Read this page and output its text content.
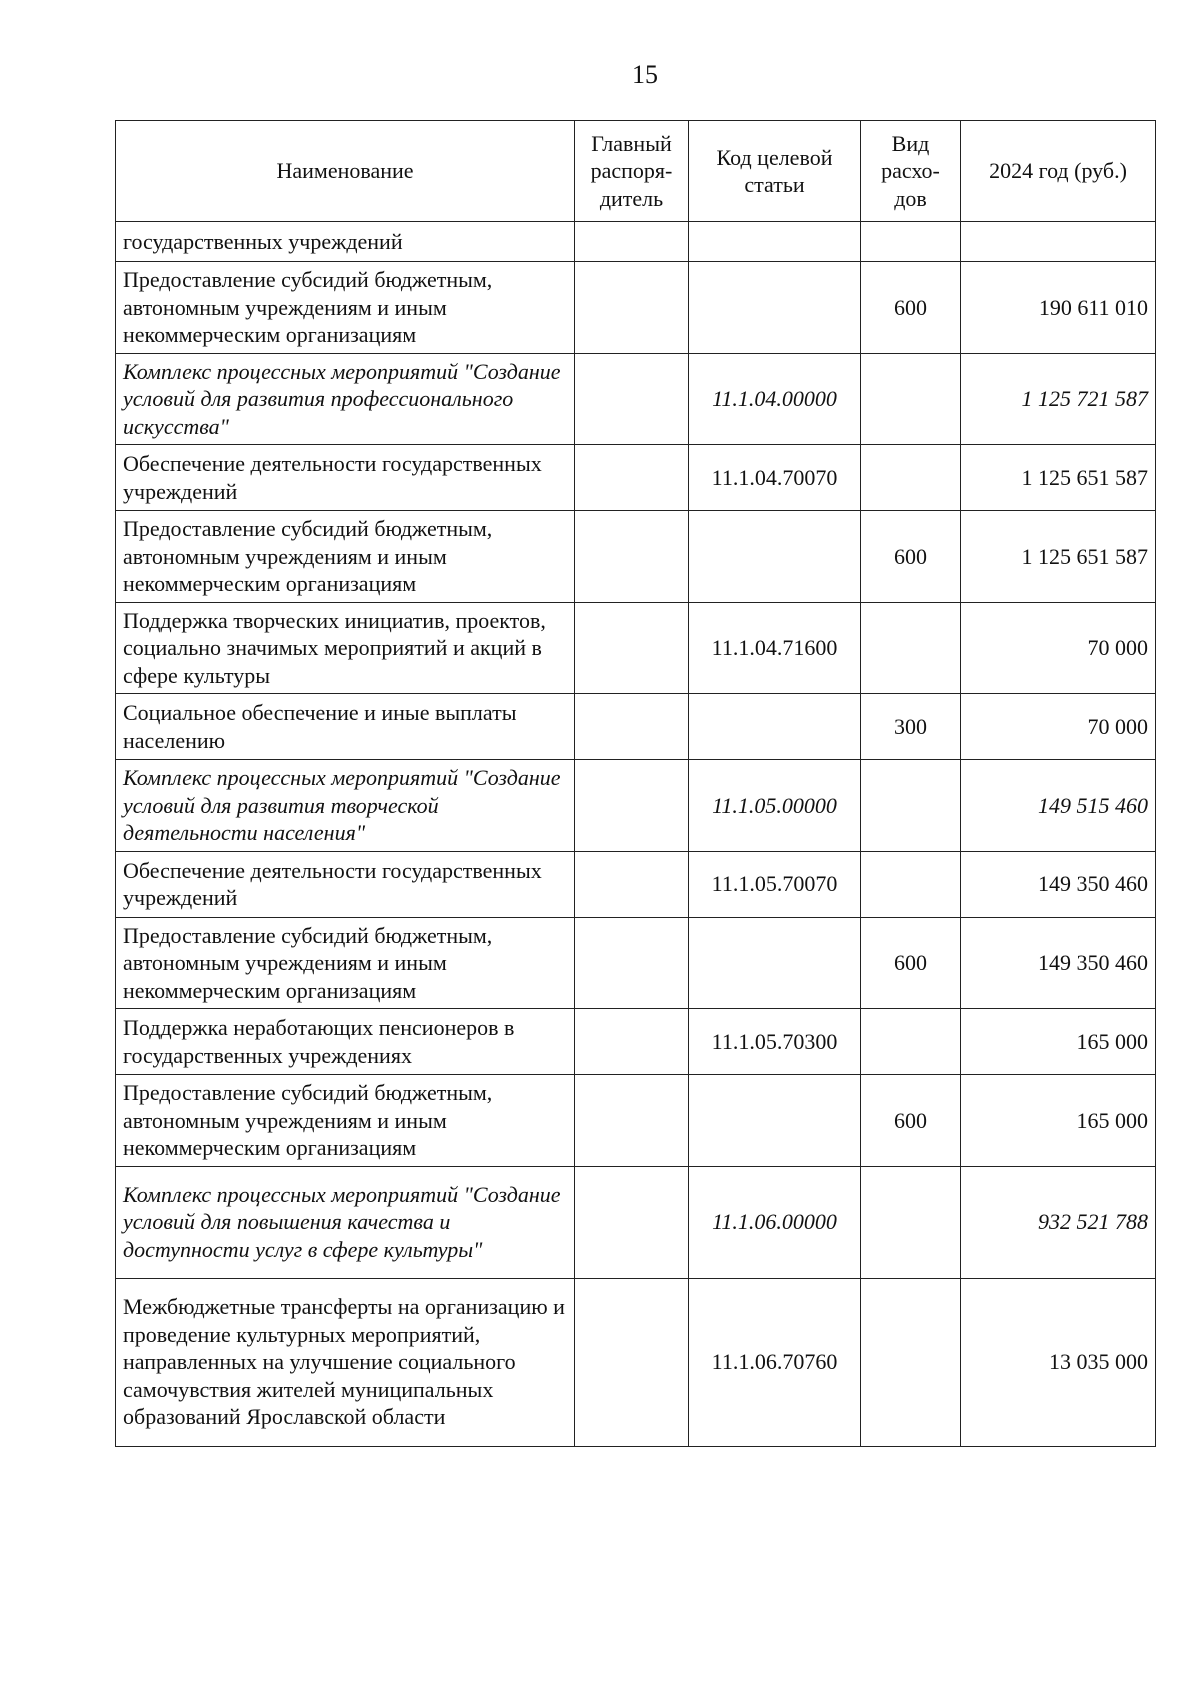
15
Наименование	Главный распоря-дитель	Код целевой статьи	Вид расхо-дов	2024 год (руб.)
государственных учреждений				
Предоставление субсидий бюджетным, автономным учреждениям и иным некоммерческим организациям			600	190 611 010
Комплекс процессных мероприятий "Создание условий для развития профессионального искусства"		11.1.04.00000		1 125 721 587
Обеспечение деятельности государственных учреждений		11.1.04.70070		1 125 651 587
Предоставление субсидий бюджетным, автономным учреждениям и иным некоммерческим организациям			600	1 125 651 587
Поддержка творческих инициатив, проектов, социально значимых мероприятий и акций в сфере культуры		11.1.04.71600		70 000
Социальное обеспечение и иные выплаты населению			300	70 000
Комплекс процессных мероприятий "Создание условий для развития творческой деятельности населения"		11.1.05.00000		149 515 460
Обеспечение деятельности государственных учреждений		11.1.05.70070		149 350 460
Предоставление субсидий бюджетным, автономным учреждениям и иным некоммерческим организациям			600	149 350 460
Поддержка неработающих пенсионеров в государственных учреждениях		11.1.05.70300		165 000
Предоставление субсидий бюджетным, автономным учреждениям и иным некоммерческим организациям			600	165 000
Комплекс процессных мероприятий "Создание условий для повышения качества и доступности услуг в сфере культуры"		11.1.06.00000		932 521 788
Межбюджетные трансферты на организацию и проведение культурных мероприятий, направленных на улучшение социального самочувствия жителей муниципальных образований Ярославской области		11.1.06.70760		13 035 000
